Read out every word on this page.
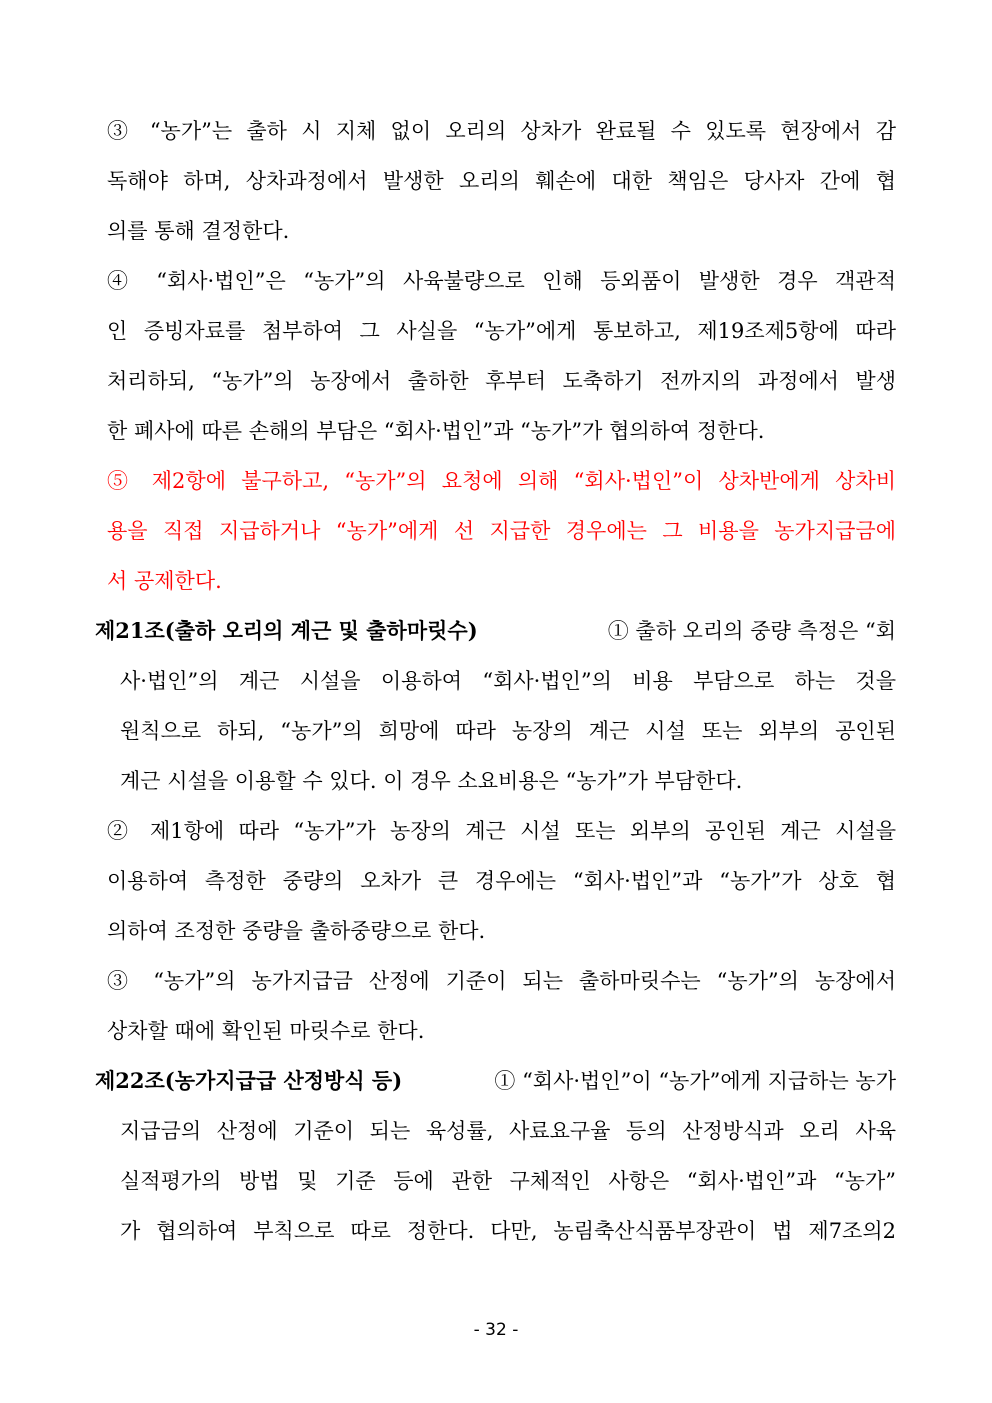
③ “농가”는 출하 시 지체 없이 오리의 상차가 완료될 수 있도록 현장에서 감
독해야 하며, 상차과정에서 발생한 오리의 훼손에 대한 책임은 당사자 간에 협
의를 통해 결정한다.
④ “회사·법인”은 “농가”의 사육불량으로 인해 등외품이 발생한 경우 객관적
인 증빙자료를 첨부하여 그 사실을 “농가”에게 통보하고, 제19조제5항에 따라
처리하되, “농가”의 농장에서 출하한 후부터 도축하기 전까지의 과정에서 발생
한 폐사에 따른 손해의 부담은 “회사·법인”과 “농가”가 협의하여 정한다.
⑤ 제2항에 불구하고, “농가”의 요청에 의해 “회사·법인”이 상차반에게 상차비
용을 직접 지급하거나 “농가”에게 선 지급한 경우에는 그 비용을 농가지급금에
서 공제한다.
제21조(출하 오리의 계근 및 출하마릿수)	① 출하 오리의 중량 측정은 “회
사·법인”의 계근 시설을 이용하여 “회사·법인”의 비용 부담으로 하는 것을
원칙으로 하되, “농가”의 희망에 따라 농장의 계근 시설 또는 외부의 공인된
계근 시설을 이용할 수 있다. 이 경우 소요비용은 “농가”가 부담한다.
② 제1항에 따라 “농가”가 농장의 계근 시설 또는 외부의 공인된 계근 시설을
이용하여 측정한 중량의 오차가 큰 경우에는 “회사·법인”과 “농가”가 상호 협
의하여 조정한 중량을 출하중량으로 한다.
③ “농가”의 농가지급금 산정에 기준이 되는 출하마릿수는 “농가”의 농장에서
상차할 때에 확인된 마릿수로 한다.
제22조(농가지급급 산정방식 등)	① “회사·법인”이 “농가”에게 지급하는 농가
지급금의 산정에 기준이 되는 육성률, 사료요구율 등의 산정방식과 오리 사육
실적평가의 방법 및 기준 등에 관한 구체적인 사항은 “회사·법인”과 “농가”
가 협의하여 부칙으로 따로 정한다. 다만, 농림축산식품부장관이 법 제7조의2
- 32 -
